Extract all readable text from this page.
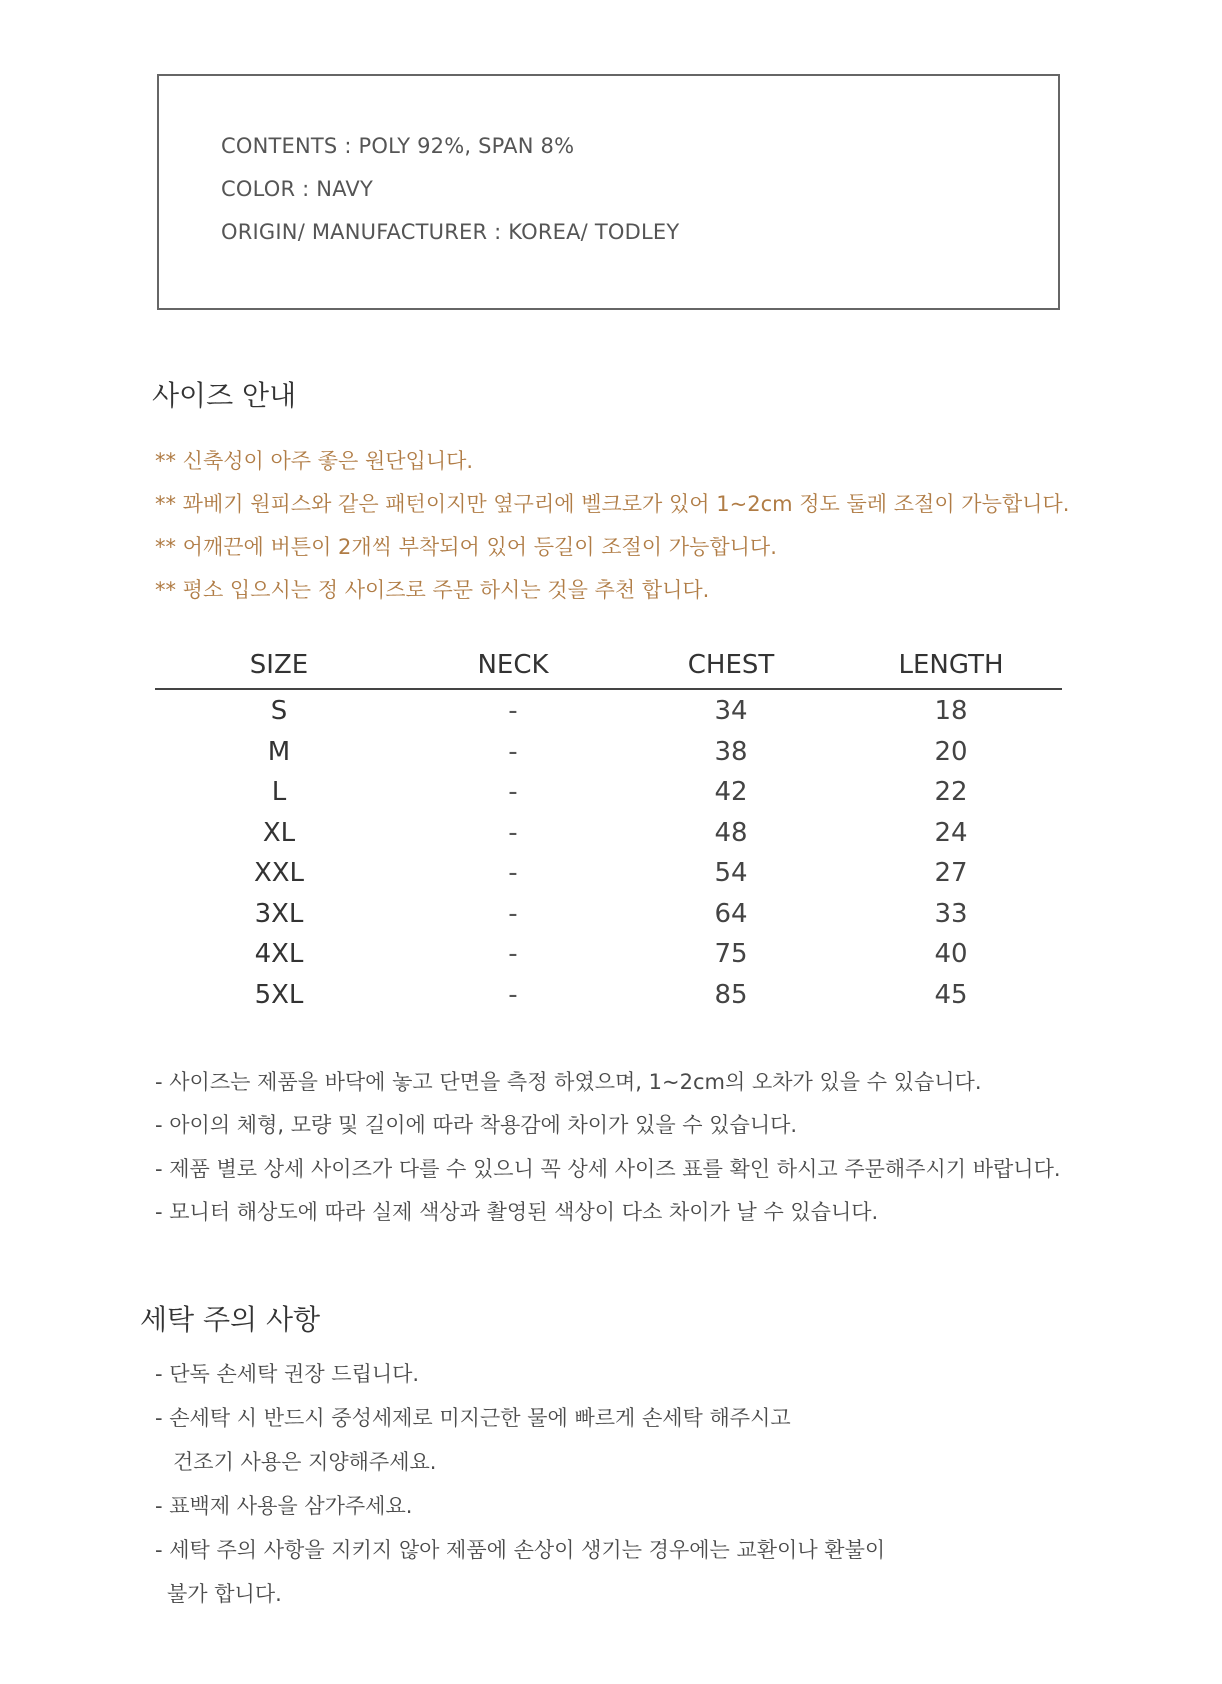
CONTENTS : POLY 92%, SPAN 8%
COLOR : NAVY
ORIGIN/ MANUFACTURER : KOREA/ TODLEY
사이즈 안내
** 신축성이 아주 좋은 원단입니다.
** 꽈베기 원피스와 같은 패턴이지만 옆구리에 벨크로가 있어 1~2cm 정도 둘레 조절이 가능합니다.
** 어깨끈에 버튼이 2개씩 부착되어 있어 등길이 조절이 가능합니다.
** 평소 입으시는 정 사이즈로 주문 하시는 것을 추천 합니다.
SIZE	NECK	CHEST	LENGTH
S	-	34	18
M	-	38	20
L	-	42	22
XL	-	48	24
XXL	-	54	27
3XL	-	64	33
4XL	-	75	40
5XL	-	85	45
- 사이즈는 제품을 바닥에 놓고 단면을 측정 하였으며, 1~2cm의 오차가 있을 수 있습니다.
- 아이의 체형, 모량 및 길이에 따라 착용감에 차이가 있을 수 있습니다.
- 제품 별로 상세 사이즈가 다를 수 있으니 꼭 상세 사이즈 표를 확인 하시고 주문해주시기 바랍니다.
- 모니터 해상도에 따라 실제 색상과 촬영된 색상이 다소 차이가 날 수 있습니다.
세탁 주의 사항
- 단독 손세탁 권장 드립니다.
- 손세탁 시 반드시 중성세제로 미지근한 물에 빠르게 손세탁 해주시고
건조기 사용은 지양해주세요.
- 표백제 사용을 삼가주세요.
- 세탁 주의 사항을 지키지 않아 제품에 손상이 생기는 경우에는 교환이나 환불이
불가 합니다.
